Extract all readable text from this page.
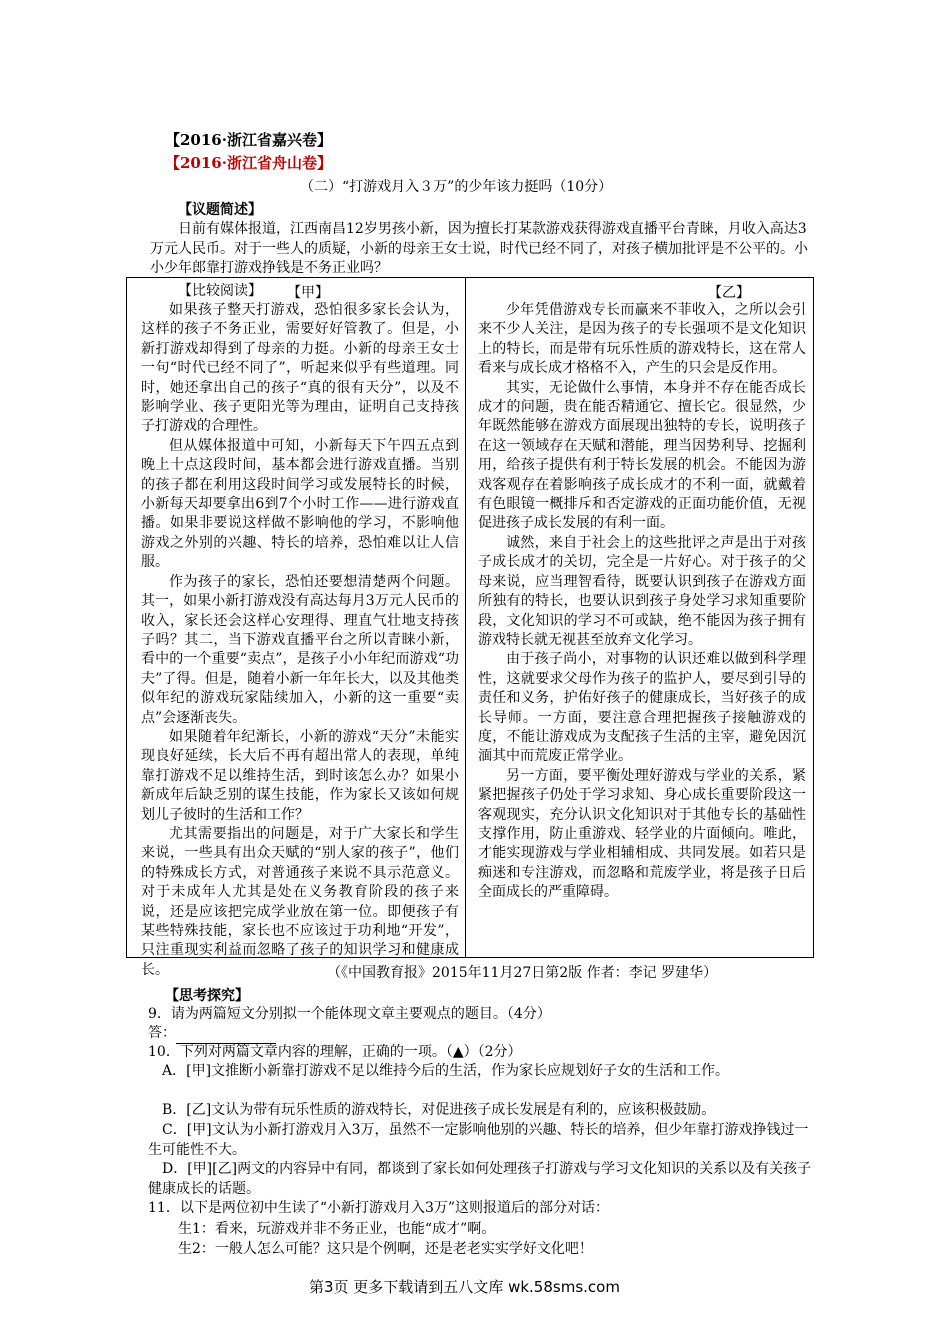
【2016·浙江省嘉兴卷】
【2016·浙江省舟山卷】
（二）“打游戏月入３万”的少年该力挺吗（10分）
【议题简述】
日前有媒体报道，江西南昌12岁男孩小新，因为擅长打某款游戏获得游戏直播平台青睐，月收入高达3万元人民币。对于一些人的质疑，小新的母亲王女士说，时代已经不同了，对孩子横加批评是不公平的。小小少年郎靠打游戏挣钱是不务正业吗？
【比较阅读】 【甲】	【乙】

如果孩子整天打游戏，恐怕很多家长会认为，这样的孩子不务正业，需要好好管教了。但是，小新打游戏却得到了母亲的力挺。小新的母亲王女士一句“时代已经不同了”，听起来似乎有些道理。同时，她还拿出自己的孩子“真的很有天分”，以及不影响学业、孩子更阳光等为理由，证明自己支持孩子打游戏的合理性。

但从媒体报道中可知，小新每天下午四五点到晚上十点这段时间，基本都会进行游戏直播。当别的孩子都在利用这段时间学习或发展特长的时候，小新每天却要拿出6到7个小时工作——进行游戏直播。如果非要说这样做不影响他的学习，不影响他游戏之外别的兴趣、特长的培养，恐怕难以让人信服。

作为孩子的家长，恐怕还要想清楚两个问题。其一，如果小新打游戏没有高达每月3万元人民币的收入，家长还会这样心安理得、理直气壮地支持孩子吗？其二，当下游戏直播平台之所以青睐小新，看中的一个重要“卖点”，是孩子小小年纪而游戏“功夫”了得。但是，随着小新一年年长大，以及其他类似年纪的游戏玩家陆续加入，小新的这一重要“卖点”会逐渐丧失。

如果随着年纪渐长，小新的游戏“天分”未能实现良好延续，长大后不再有超出常人的表现，单纯靠打游戏不足以维持生活，到时该怎么办？如果小新成年后缺乏别的谋生技能，作为家长又该如何规划儿子彼时的生活和工作？

尤其需要指出的问题是，对于广大家长和学生来说，一些具有出众天赋的“别人家的孩子”，他们的特殊成长方式，对普通孩子来说不具示范意义。对于未成年人尤其是处在义务教育阶段的孩子来说，还是应该把完成学业放在第一位。即便孩子有某些特殊技能，家长也不应该过于功利地“开发”，只注重现实利益而忽略了孩子的知识学习和健康成长。

少年凭借游戏专长而赢来不菲收入，之所以会引来不少人关注，是因为孩子的专长强项不是文化知识上的特长，而是带有玩乐性质的游戏特长，这在常人看来与成长成才格格不入，产生的只会是反作用。

其实，无论做什么事情，本身并不存在能否成长成才的问题，贵在能否精通它、擅长它。很显然，少年既然能够在游戏方面展现出独特的专长，说明孩子在这一领域存在天赋和潜能，理当因势利导、挖掘利用，给孩子提供有利于特长发展的机会。不能因为游戏客观存在着影响孩子成长成才的不利一面，就戴着有色眼镜一概排斥和否定游戏的正面功能价值，无视促进孩子成长发展的有利一面。

诚然，来自于社会上的这些批评之声是出于对孩子成长成才的关切，完全是一片好心。对于孩子的父母来说，应当理智看待，既要认识到孩子在游戏方面所独有的特长，也要认识到孩子身处学习求知重要阶段，文化知识的学习不可或缺，绝不能因为孩子拥有游戏特长就无视甚至放弃文化学习。

由于孩子尚小，对事物的认识还难以做到科学理性，这就要求父母作为孩子的监护人，要尽到引导的责任和义务，护佑好孩子的健康成长，当好孩子的成长导师。一方面，要注意合理把握孩子接触游戏的度，不能让游戏成为支配孩子生活的主宰，避免因沉湎其中而荒废正常学业。

另一方面，要平衡处理好游戏与学业的关系，紧紧把握孩子仍处于学习求知、身心成长重要阶段这一客观现实，充分认识文化知识对于其他专长的基础性支撑作用，防止重游戏、轻学业的片面倾向。唯此，才能实现游戏与学业相辅相成、共同发展。如若只是痴迷和专注游戏，而忽略和荒废学业，将是孩子日后全面成长的严重障碍。

（《中国教育报》2015年11月27日第2版 作者：李记 罗建华）
【思考探究】
9．请为两篇短文分别拟一个能体现文章主要观点的题目。（4分）
答：
10．下列对两篇文章内容的理解，正确的一项。（▲）（2分）
A．[甲]文推断小新靠打游戏不足以维持今后的生活，作为家长应规划好子女的生活和工作。
B．[乙]文认为带有玩乐性质的游戏特长，对促进孩子成长发展是有利的，应该积极鼓励。
C．[甲]文认为小新打游戏月入3万，虽然不一定影响他别的兴趣、特长的培养，但少年靠打游戏挣钱过一生可能性不大。
D．[甲][乙]两文的内容异中有同，都谈到了家长如何处理孩子打游戏与学习文化知识的关系以及有关孩子健康成长的话题。
11．以下是两位初中生读了“小新打游戏月入3万”这则报道后的部分对话：
生1：看来，玩游戏并非不务正业，也能“成才”啊。
生2：一般人怎么可能？这只是个例啊，还是老老实实学好文化吧！
第3页 更多下载请到五八文库 wk.58sms.com
